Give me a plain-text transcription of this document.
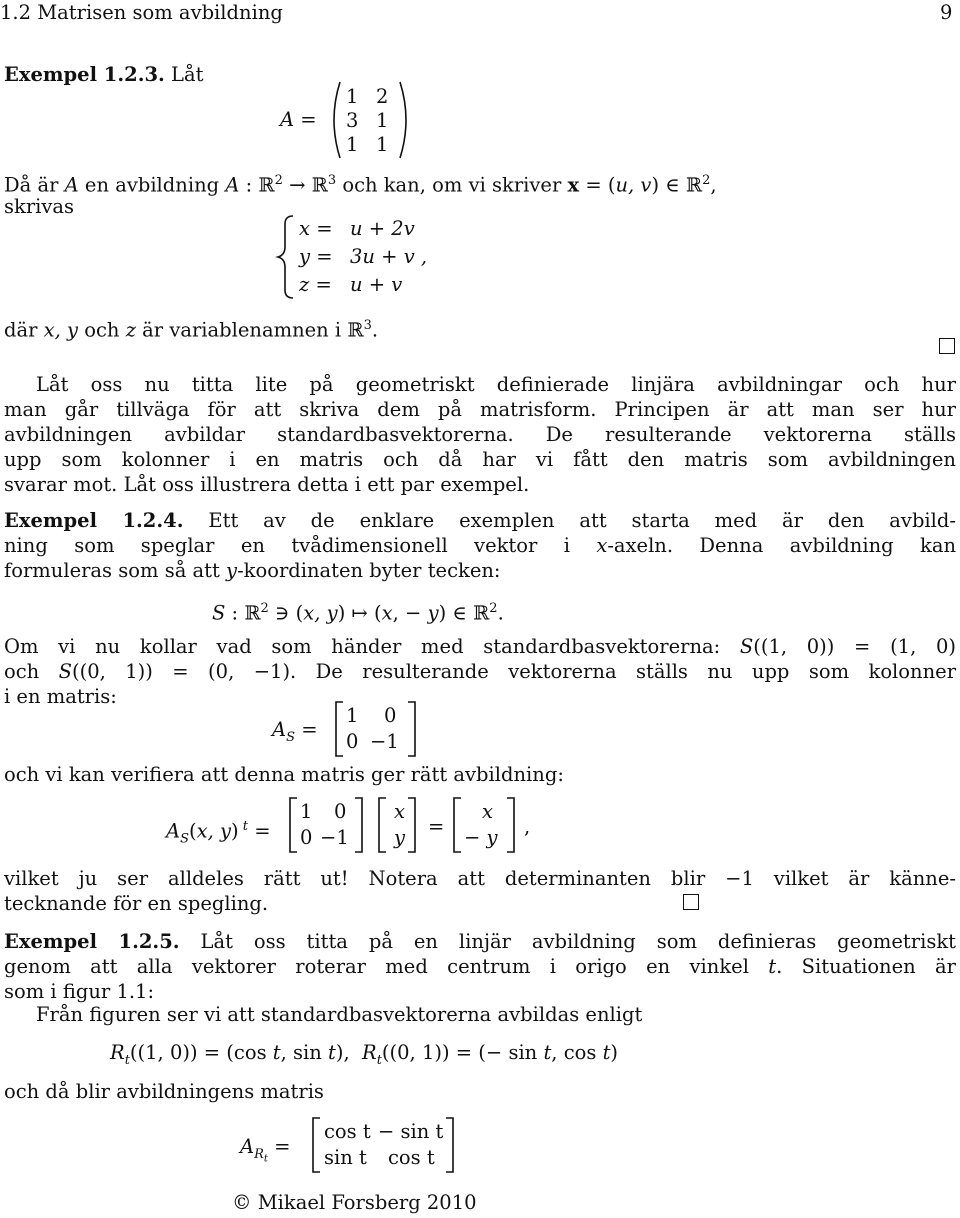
1.2 Matrisen som avbildning	9
Exempel 1.2.3. Låt
A =
1 2
3 1
1 1
Då är A en avbildning A : ℝ$^2$ → ℝ$^3$ och kan, om vi skriver x = (u, v) ∈ ℝ$^2$,
skrivas
x = u + 2v
y = 3u + v ,
z = u + v
där x, y och z är variablenamnen i ℝ$^3$.
Låt oss nu titta lite på geometriskt definierade linjära avbildningar och hur
man går tillväga för att skriva dem på matrisform. Principen är att man ser hur
avbildningen avbildar standardbasvektorerna. De resulterande vektorerna ställs
upp som kolonner i en matris och då har vi fått den matris som avbildningen
svarar mot. Låt oss illustrera detta i ett par exempel.
Exempel 1.2.4. Ett av de enklare exemplen att starta med är den avbild-
ning som speglar en tvådimensionell vektor i x-axeln. Denna avbildning kan
formuleras som så att y-koordinaten byter tecken:
S : ℝ$^2$ ∋ (x, y) ↦ (x, − y) ∈ ℝ$^2$.
Om vi nu kollar vad som händer med standardbasvektorerna: S((1, 0)) = (1, 0)
och S((0, 1)) = (0, −1). De resulterande vektorerna ställs nu upp som kolonner
i en matris:
$A_S$ =
1 0
0 −1
och vi kan verifiera att denna matris ger rätt avbildning:
$A_S(x$, y) $^t$ =
1 0
0 −1
x
y =
x
− y ,
vilket ju ser alldeles rätt ut! Notera att determinanten blir −1 vilket är känne-
tecknande för en spegling.
Exempel 1.2.5. Låt oss titta på en linjär avbildning som definieras geometriskt
genom att alla vektorer roterar med centrum i origo en vinkel t. Situationen är
som i figur 1.1:
Från figuren ser vi att standardbasvektorerna avbildas enligt
$R_t((1$, 0)) = (cos t, sin t), $R_t((0$, 1)) = (− sin t, cos t)
och då blir avbildningens matris
$A_{R_t}$ =
cos t − sin t
sin t cos t
© Mikael Forsberg 2010
